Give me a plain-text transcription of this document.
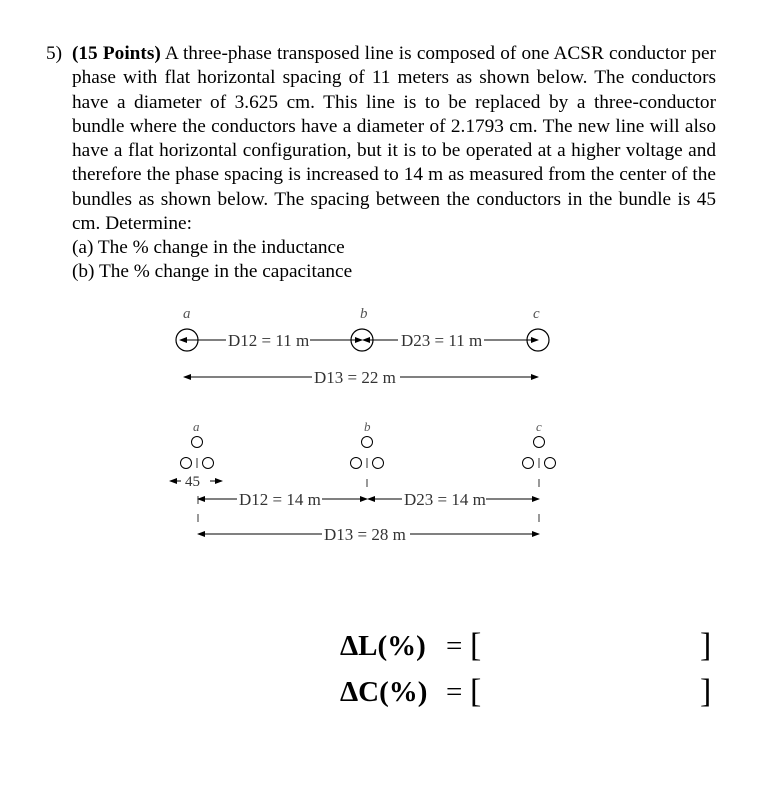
5) (15 Points) A three-phase transposed line is composed of one ACSR conductor per phase with flat horizontal spacing of 11 meters as shown below. The conductors have a diameter of 3.625 cm. This line is to be replaced by a three-conductor bundle where the conductors have a diameter of 2.1793 cm. The new line will also have a flat horizontal configuration, but it is to be operated at a higher voltage and therefore the phase spacing is increased to 14 m as measured from the center of the bundles as shown below. The spacing between the conductors in the bundle is 45 cm. Determine:
(a) The % change in the inductance
(b) The % change in the capacitance
a	b	c
D12 = 11 m	D23 = 11 m
D13 = 22 m
a	b	c
45
D12 = 14 m	D23 = 14 m
D13 = 28 m
ΔL(%) = [	]
ΔC(%) = [	]
